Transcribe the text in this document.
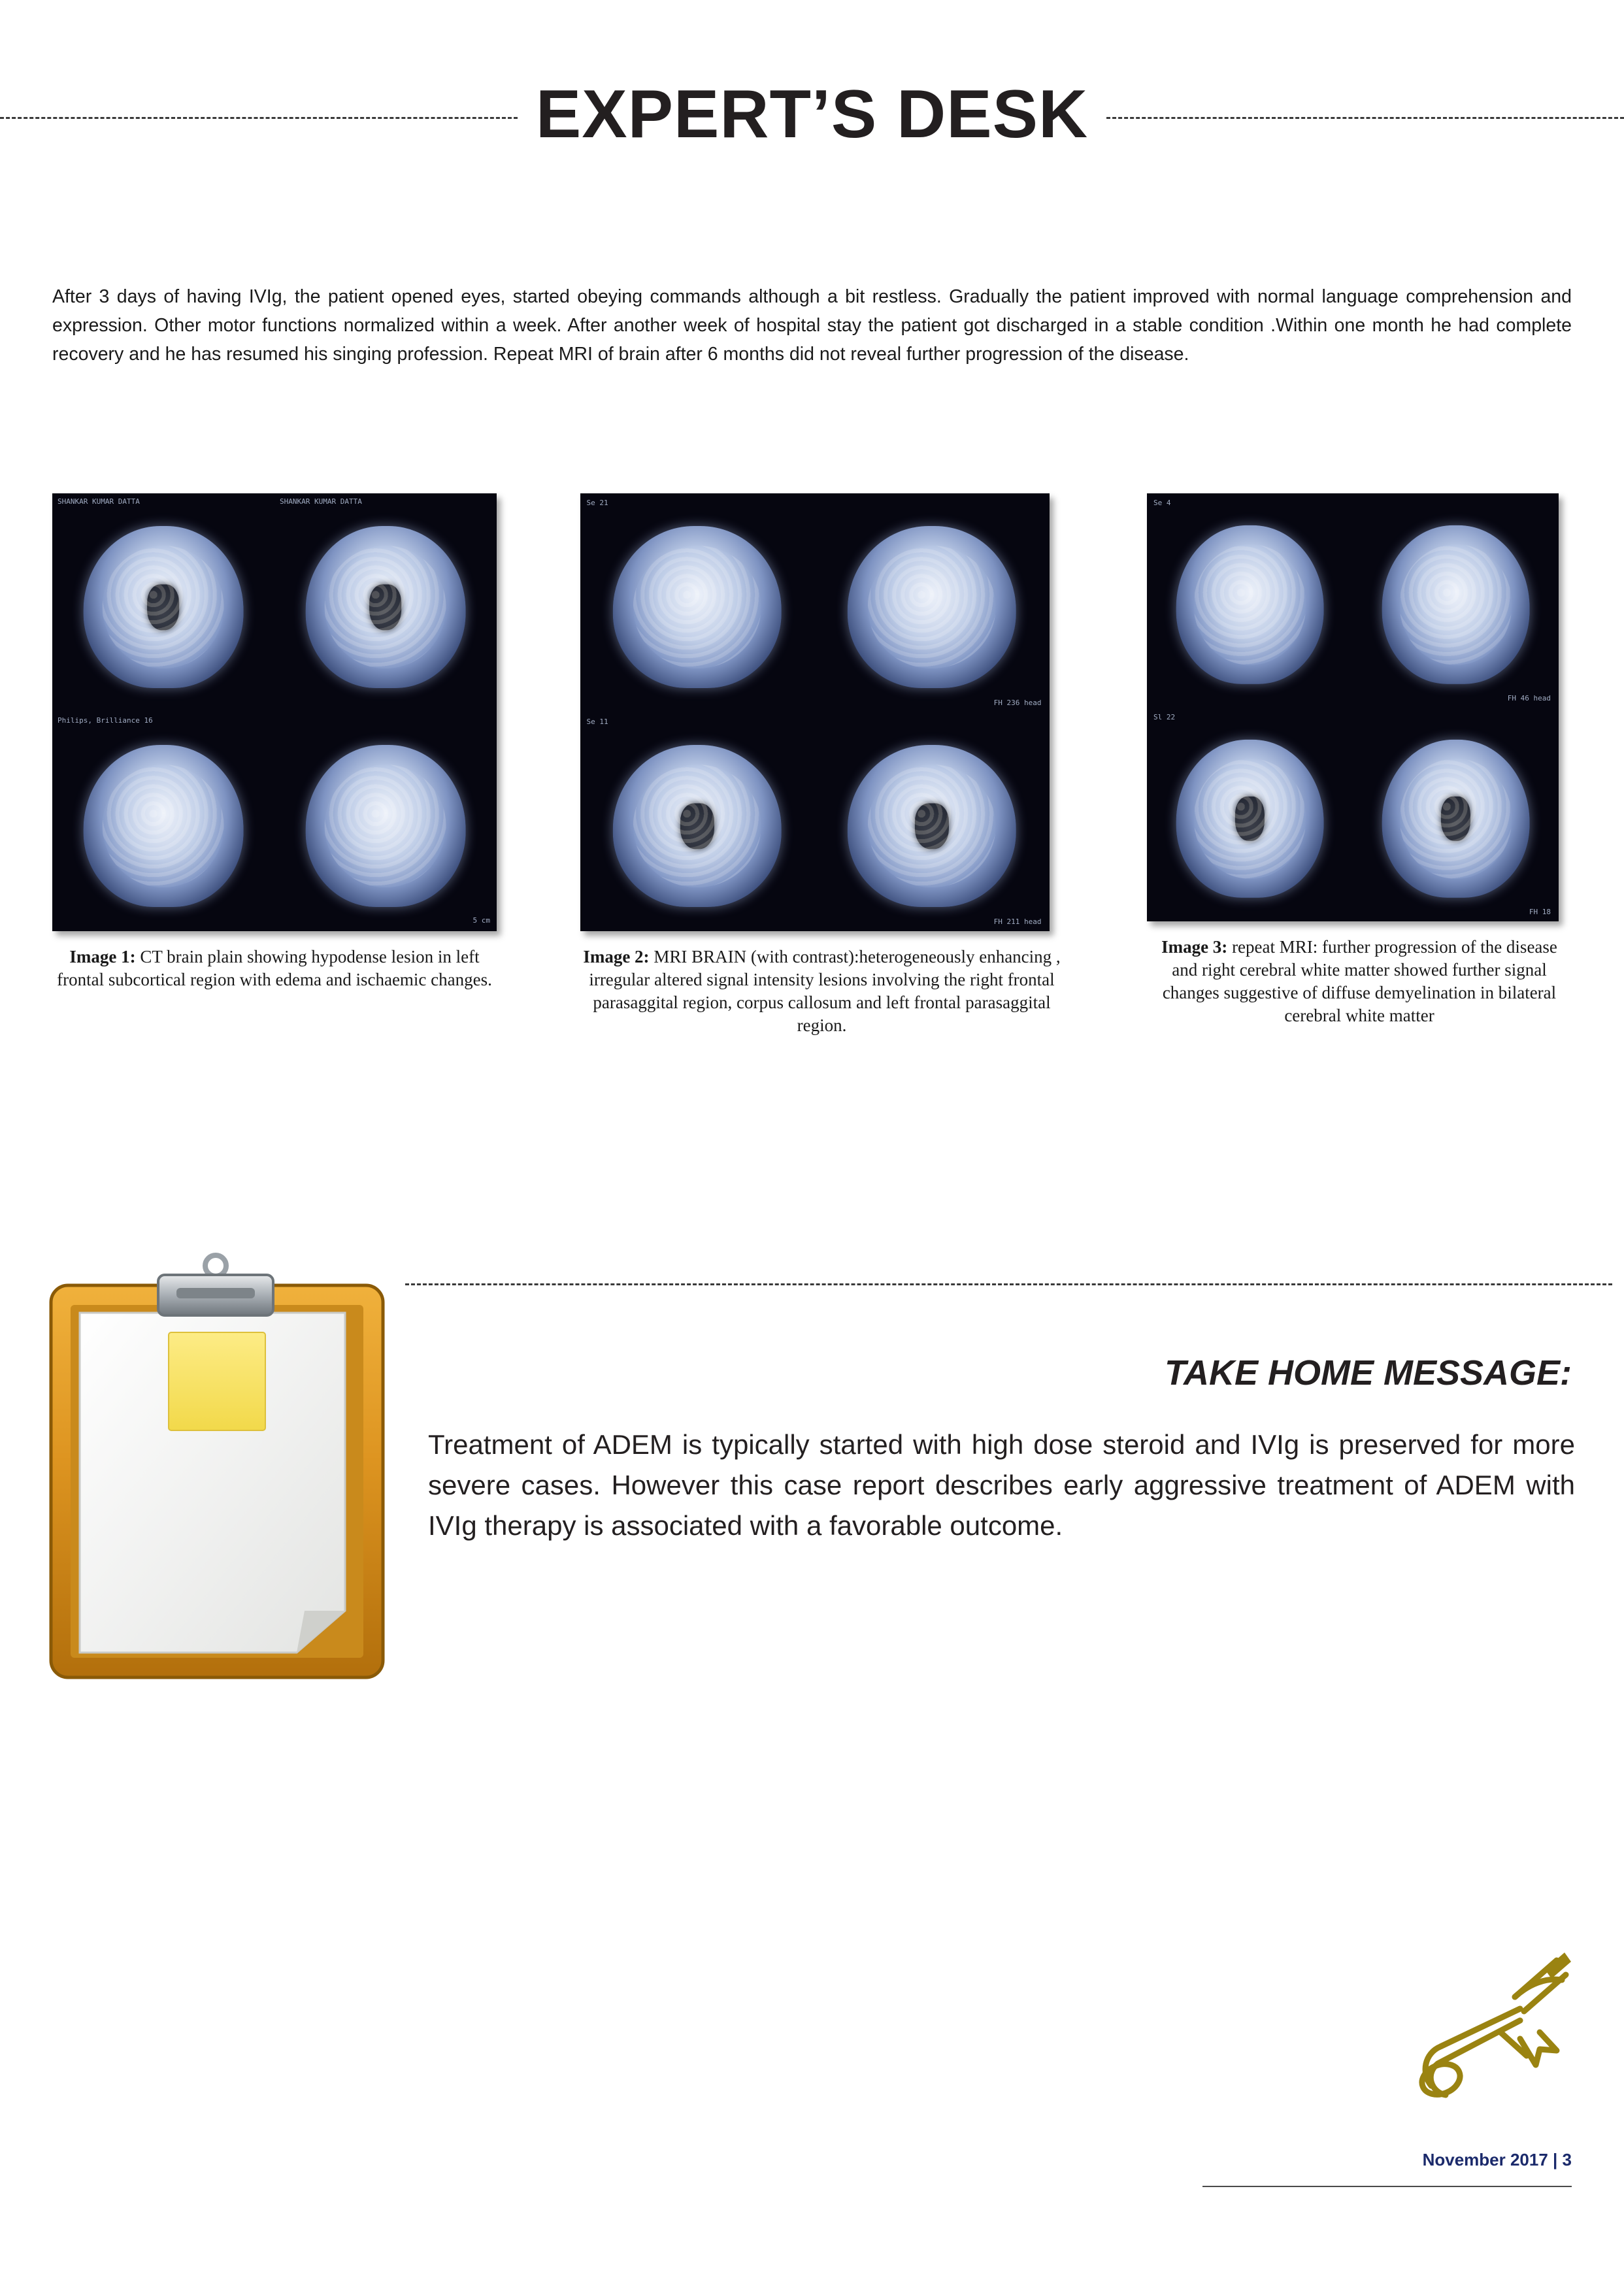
EXPERT’S DESK
After 3 days of having IVIg, the patient opened eyes, started obeying commands although a bit restless. Gradually the patient improved with normal language comprehension and expression. Other motor functions normalized within a week. After another week of hospital stay the patient got discharged in a stable condition .Within one month he had complete recovery and he has resumed his singing profession. Repeat MRI of brain after 6 months did not reveal further progression of the disease.
SHANKAR KUMAR DATTA	SHANKAR KUMAR DATTA
Philips, Brilliance 16
5 cm
Image 1: CT brain plain showing hypodense lesion in left frontal subcortical region with edema and ischaemic changes.
Se 21
FH 236 head
Se 11
FH 211 head
Image 2: MRI BRAIN (with contrast):heterogeneously enhancing , irregular altered signal intensity lesions involving the right frontal parasaggital region, corpus callosum and left frontal parasaggital region.
Se 4
FH 46 head
Sl 22
FH 18
Image 3: repeat MRI: further progression of the disease and right cerebral white matter showed further signal changes suggestive of diffuse demyelination in bilateral cerebral white matter
TAKE HOME MESSAGE:
Treatment of ADEM is typically started with high dose steroid and IVIg is preserved for more severe cases. However this case report describes early aggressive treatment of ADEM with IVIg therapy is associated with a favorable outcome.
November 2017 | 3
